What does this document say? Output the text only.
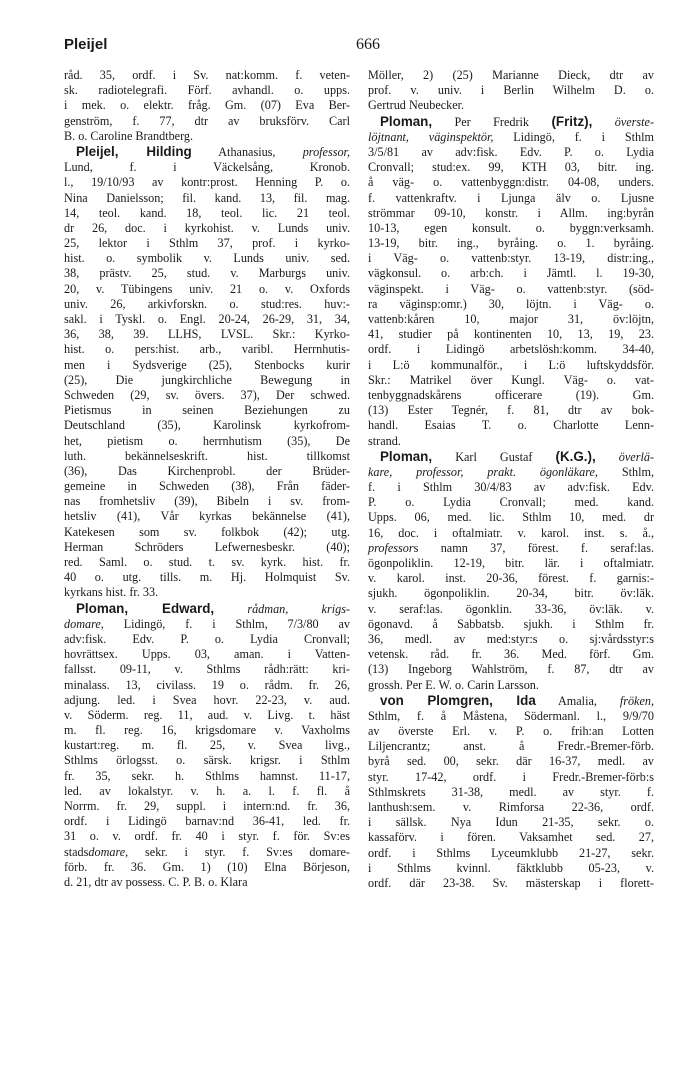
Pleijel	666
råd. 35, ordf. i Sv. nat:komm. f. veten-
sk. radiotelegrafi. Förf. avhandl. o. upps.
i mek. o. elektr. fråg. Gm. (07) Eva Ber-
genström, f. 77, dtr av bruksförv. Carl
B. o. Caroline Brandtberg.
Pleijel, Hilding Athanasius, professor,
Lund, f. i Väckelsång, Kronob.
l., 19/10/93 av kontr:prost. Henning P. o.
Nina Danielsson; fil. kand. 13, fil. mag.
14, teol. kand. 18, teol. lic. 21 teol.
dr 26, doc. i kyrkohist. v. Lunds univ.
25, lektor i Sthlm 37, prof. i kyrko-
hist. o. symbolik v. Lunds univ. sed.
38, prästv. 25, stud. v. Marburgs univ.
20, v. Tübingens univ. 21 o. v. Oxfords
univ. 26, arkivforskn. o. stud:res. huv:-
sakl. i Tyskl. o. Engl. 20-24, 26-29, 31, 34,
36, 38, 39. LLHS, LVSL. Skr.: Kyrko-
hist. o. pers:hist. arb., varibl. Herrnhutis-
men i Sydsverige (25), Stenbocks kurir
(25), Die jungkirchliche Bewegung in
Schweden (29, sv. övers. 37), Der schwed.
Pietismus in seinen Beziehungen zu
Deutschland (35), Karolinsk kyrkofrom-
het, pietism o. herrnhutism (35), De
luth. bekännelseskrift. hist. tillkomst
(36), Das Kirchenprobl. der Brüder-
gemeine in Schweden (38), Från fäder-
nas fromhetsliv (39), Bibeln i sv. from-
hetsliv (41), Vår kyrkas bekännelse (41),
Katekesen som sv. folkbok (42); utg.
Herman Schröders Lefwernesbeskr. (40);
red. Saml. o. stud. t. sv. kyrk. hist. fr.
40 o. utg. tills. m. Hj. Holmquist Sv.
kyrkans hist. fr. 33.
Ploman, Edward,	rådman, krigs-
domare, Lidingö, f. i Sthlm, 7/3/80 av
adv:fisk. Edv. P. o. Lydia Cronvall;
hovrättsex. Upps. 03, aman. i Vatten-
fallsst. 09-11, v. Sthlms rådh:rätt: kri-
minalass. 13, civilass. 19 o. rådm. fr. 26,
adjung. led. i Svea hovr. 22-23, v. aud.
v. Söderm. reg. 11, aud. v. Livg. t. häst
m. fl. reg. 16, krigsdomare v. Vaxholms
kustart:reg. m. fl. 25, v. Svea livg.,
Sthlms örlogsst. o. särsk. krigsr. i Sthlm
fr. 35, sekr. h. Sthlms hamnst. 11-17,
led. av lokalstyr. v. h. a. l. f. fl. å
Norrm. fr. 29, suppl. i intern:nd. fr. 36,
ordf. i Lidingö barnav:nd 36-41, led. fr.
31 o. v. ordf. fr. 40 i styr. f. för. Sv:es
stadsdomare, sekr. i styr. f. Sv:es domare-
förb. fr. 36. Gm. 1) (10) Elna Börjeson,
d. 21, dtr av possess. C. P. B. o. Klara
Möller, 2) (25) Marianne Dieck, dtr av
prof. v. univ. i Berlin Wilhelm D. o.
Gertrud Neubecker.
Ploman, Per Fredrik (Fritz), överste-
löjtnant, väginspektör, Lidingö, f. i Sthlm
3/5/81 av adv:fisk. Edv. P. o. Lydia
Cronvall; stud:ex. 99, KTH 03, bitr. ing.
å väg- o. vattenbyggn:distr. 04-08, unders.
f. vattenkraftv. i Ljunga älv o. Ljusne
strömmar 09-10, konstr. i Allm. ing:byrån
10-13, egen konsult. o. byggn:verksamh.
13-19, bitr. ing., byråing. o. 1. byråing.
i Väg- o. vattenb:styr. 13-19, distr:ing.,
vägkonsul. o. arb:ch. i Jämtl. l. 19-30,
väginspekt. i Väg- o. vattenb:styr. (söd-
ra väginsp:omr.) 30, löjtn. i Väg- o.
vattenb:kåren 10, major 31, öv:löjtn,
41, studier på kontinenten 10, 13, 19, 23.
ordf. i Lidingö arbetslösh:komm. 34-40,
i L:ö kommunalför., i L:ö luftskyddsför.
Skr.: Matrikel över Kungl. Väg- o. vat-
tenbyggnadskårens officerare (19). Gm.
(13) Ester Tegnér, f. 81, dtr av bok-
handl. Esaias T. o. Charlotte Lenn-
strand.
Ploman, Karl Gustaf (K.G.), överlä-
kare, professor, prakt. ögonläkare, Sthlm,
f. i Sthlm 30/4/83 av adv:fisk. Edv.
P. o. Lydia Cronvall; med. kand.
Upps. 06, med. lic. Sthlm 10, med. dr
16, doc. i oftalmiatr. v. karol. inst. s. å.,
professors namn 37, förest. f. seraf:las.
ögonpoliklin. 12-19, bitr. lär. i oftalmiatr.
v. karol. inst. 20-36, förest. f. garnis:-
sjukh. ögonpoliklin. 20-34, bitr. öv:läk.
v. seraf:las. ögonklin. 33-36, öv:läk. v.
ögonavd. å Sabbatsb. sjukh. i Sthlm fr.
36, medl. av med:styr:s o. sj:vårdsstyr:s
vetensk. råd. fr. 36. Med. förf. Gm.
(13) Ingeborg Wahlström, f. 87, dtr av
grossh. Per E. W. o. Carin Larsson.
von Plomgren, Ida Amalia, fröken,
Sthlm, f. å Måstena, Södermanl. l., 9/9/70
av överste Erl. v. P. o. frih:an Lotten
Liljencrantz; anst. å Fredr.-Bremer-förb.
byrå sed. 00, sekr. där 16-37, medl. av
styr. 17-42, ordf. i Fredr.-Bremer-förb:s
Sthlmskrets 31-38, medl. av styr. f.
lanthush:sem. v. Rimforsa 22-36, ordf.
i sällsk. Nya Idun 21-35, sekr. o.
kassaförv. i fören. Vaksamhet sed. 27,
ordf. i Sthlms Lyceumklubb 21-27, sekr.
i Sthlms kvinnl. fäktklubb 05-23, v.
ordf. där 23-38. Sv. mästerskap i florett-
